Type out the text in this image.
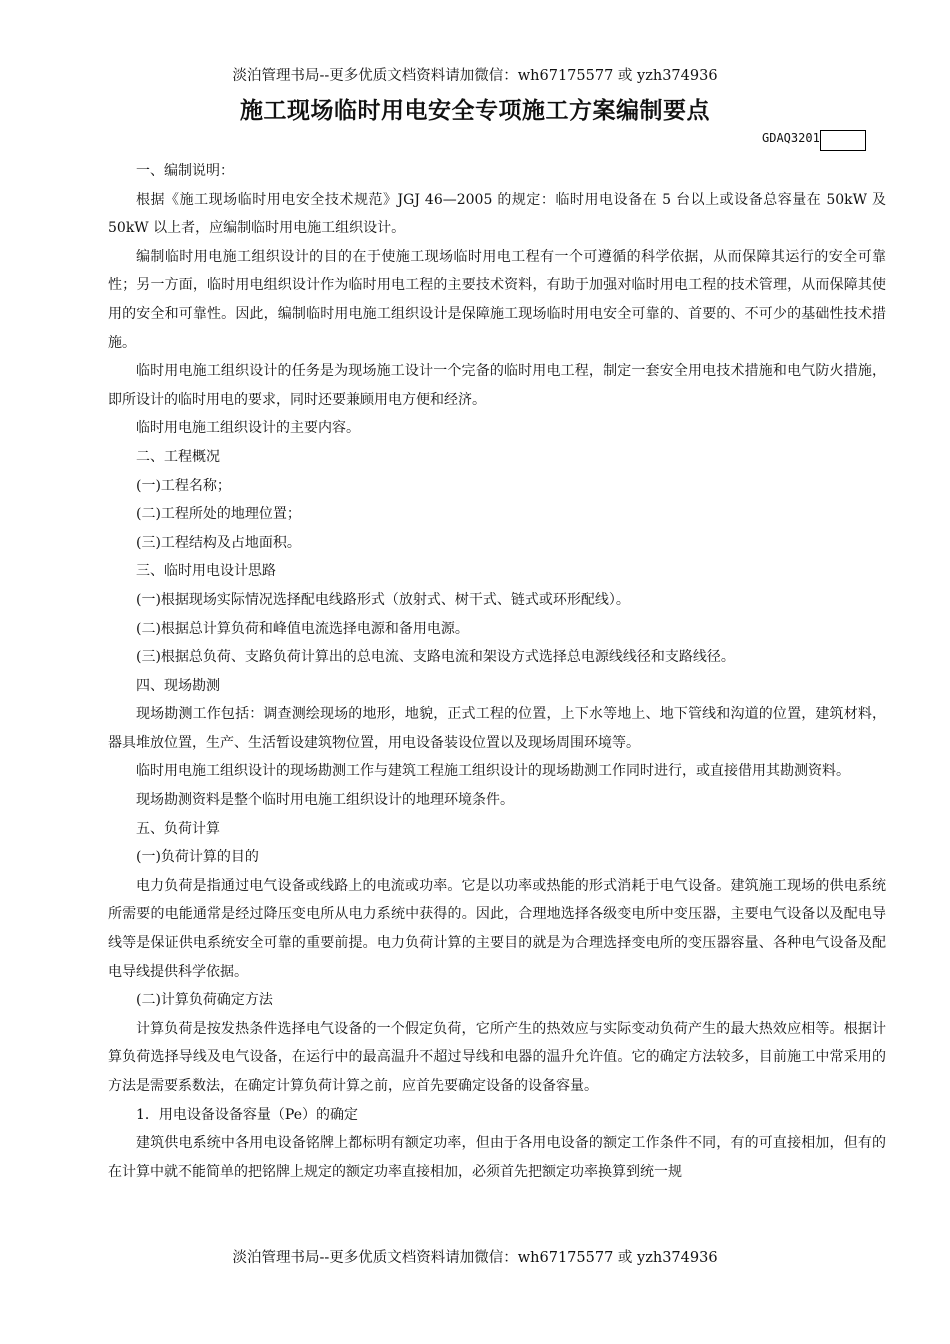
淡泊管理书局--更多优质文档资料请加微信：wh67175577 或 yzh374936
施工现场临时用电安全专项施工方案编制要点
GDAQ3201

一、编制说明：

根据《施工现场临时用电安全技术规范》JGJ 46—2005 的规定：临时用电设备在 5 台以上或设备总容量在 50kW 及 50kW 以上者，应编制临时用电施工组织设计。

编制临时用电施工组织设计的目的在于使施工现场临时用电工程有一个可遵循的科学依据，从而保障其运行的安全可靠性；另一方面，临时用电组织设计作为临时用电工程的主要技术资料，有助于加强对临时用电工程的技术管理，从而保障其使用的安全和可靠性。因此，编制临时用电施工组织设计是保障施工现场临时用电安全可靠的、首要的、不可少的基础性技术措施。

临时用电施工组织设计的任务是为现场施工设计一个完备的临时用电工程，制定一套安全用电技术措施和电气防火措施，即所设计的临时用电的要求，同时还要兼顾用电方便和经济。

临时用电施工组织设计的主要内容。

二、工程概况

(一)工程名称；

(二)工程所处的地理位置；

(三)工程结构及占地面积。

三、临时用电设计思路

(一)根据现场实际情况选择配电线路形式（放射式、树干式、链式或环形配线）。

(二)根据总计算负荷和峰值电流选择电源和备用电源。

(三)根据总负荷、支路负荷计算出的总电流、支路电流和架设方式选择总电源线线径和支路线径。

四、现场勘测

现场勘测工作包括：调查测绘现场的地形，地貌，正式工程的位置，上下水等地上、地下管线和沟道的位置，建筑材料，器具堆放位置，生产、生活暂设建筑物位置，用电设备装设位置以及现场周围环境等。

临时用电施工组织设计的现场勘测工作与建筑工程施工组织设计的现场勘测工作同时进行，或直接借用其勘测资料。

现场勘测资料是整个临时用电施工组织设计的地理环境条件。

五、负荷计算

(一)负荷计算的目的

电力负荷是指通过电气设备或线路上的电流或功率。它是以功率或热能的形式消耗于电气设备。建筑施工现场的供电系统所需要的电能通常是经过降压变电所从电力系统中获得的。因此，合理地选择各级变电所中变压器，主要电气设备以及配电导线等是保证供电系统安全可靠的重要前提。电力负荷计算的主要目的就是为合理选择变电所的变压器容量、各种电气设备及配电导线提供科学依据。

(二)计算负荷确定方法

计算负荷是按发热条件选择电气设备的一个假定负荷，它所产生的热效应与实际变动负荷产生的最大热效应相等。根据计算负荷选择导线及电气设备，在运行中的最高温升不超过导线和电器的温升允许值。它的确定方法较多，目前施工中常采用的方法是需要系数法，在确定计算负荷计算之前，应首先要确定设备的设备容量。

1．用电设备设备容量（Pe）的确定

建筑供电系统中各用电设备铭牌上都标明有额定功率，但由于各用电设备的额定工作条件不同，有的可直接相加，但有的在计算中就不能简单的把铭牌上规定的额定功率直接相加，必须首先把额定功率换算到统一规

淡泊管理书局--更多优质文档资料请加微信：wh67175577 或 yzh374936
